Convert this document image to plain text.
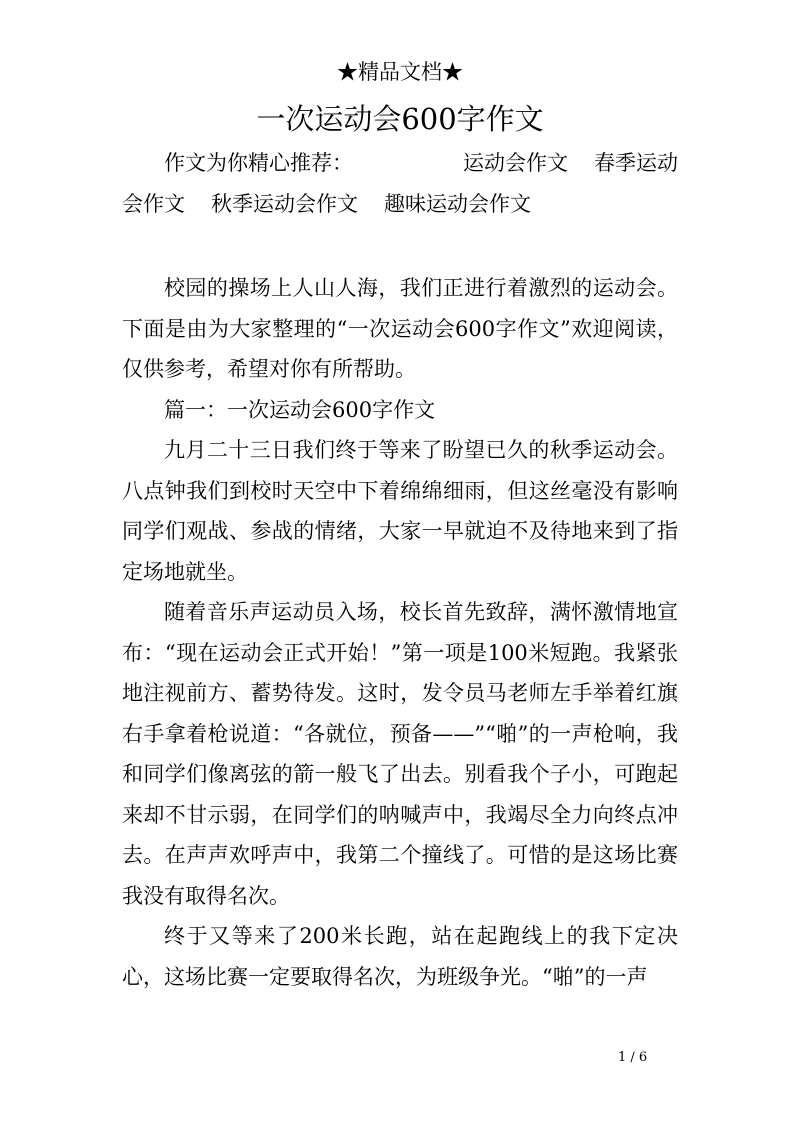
★精品文档★
一次运动会600字作文
作文为你精心推荐：	运动会作文 春季运动会作文 秋季运动会作文 趣味运动会作文

校园的操场上人山人海，我们正进行着激烈的运动会。下面是由为大家整理的“一次运动会600字作文”欢迎阅读，仅供参考，希望对你有所帮助。

篇一：一次运动会600字作文

九月二十三日我们终于等来了盼望已久的秋季运动会。八点钟我们到校时天空中下着绵绵细雨，但这丝毫没有影响同学们观战、参战的情绪，大家一早就迫不及待地来到了指定场地就坐。

随着音乐声运动员入场，校长首先致辞，满怀激情地宣布：“现在运动会正式开始！”第一项是100米短跑。我紧张地注视前方、蓄势待发。这时，发令员马老师左手举着红旗右手拿着枪说道：“各就位，预备——”“啪”的一声枪响，我和同学们像离弦的箭一般飞了出去。别看我个子小，可跑起来却不甘示弱，在同学们的呐喊声中，我竭尽全力向终点冲去。在声声欢呼声中，我第二个撞线了。可惜的是这场比赛我没有取得名次。

终于又等来了200米长跑，站在起跑线上的我下定决心，这场比赛一定要取得名次，为班级争光。“啪”的一声

1 / 6
